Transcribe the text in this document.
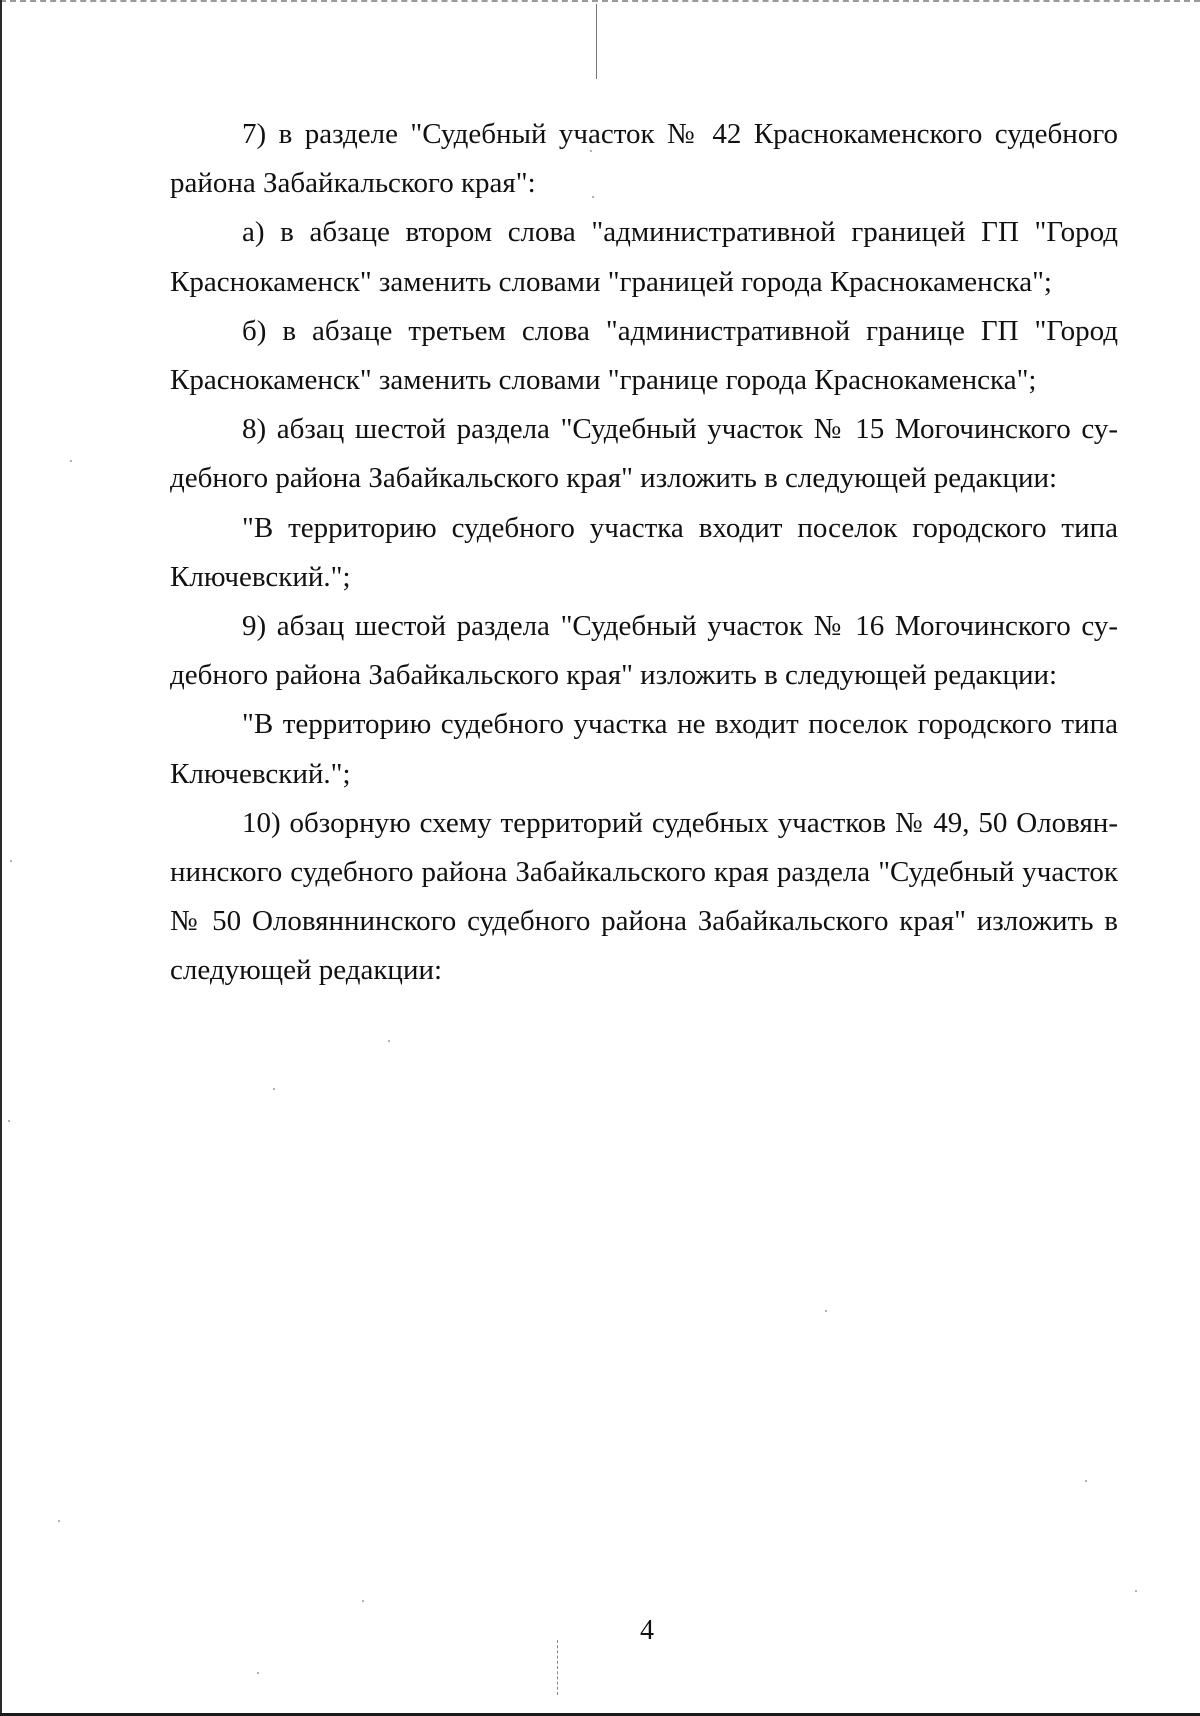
7) в разделе "Судебный участок № 42 Краснокаменского судебного района Забайкальского края":

а) в абзаце втором слова "административной границей ГП "Город Краснокаменск" заменить словами "границей города Краснокаменска";

б) в абзаце третьем слова "административной границе ГП "Город Краснокаменск" заменить словами "границе города Краснокаменска";

8) абзац шестой раздела "Судебный участок № 15 Могочинского судебного района Забайкальского края" изложить в следующей редакции:

"В территорию судебного участка входит поселок городского типа Ключевский.";

9) абзац шестой раздела "Судебный участок № 16 Могочинского судебного района Забайкальского края" изложить в следующей редакции:

"В территорию судебного участка не входит поселок городского типа Ключевский.";

10) обзорную схему территорий судебных участков № 49, 50 Оловяннинского судебного района Забайкальского края раздела "Судебный участок № 50 Оловяннинского судебного района Забайкальского края" изложить в следующей редакции:

4
